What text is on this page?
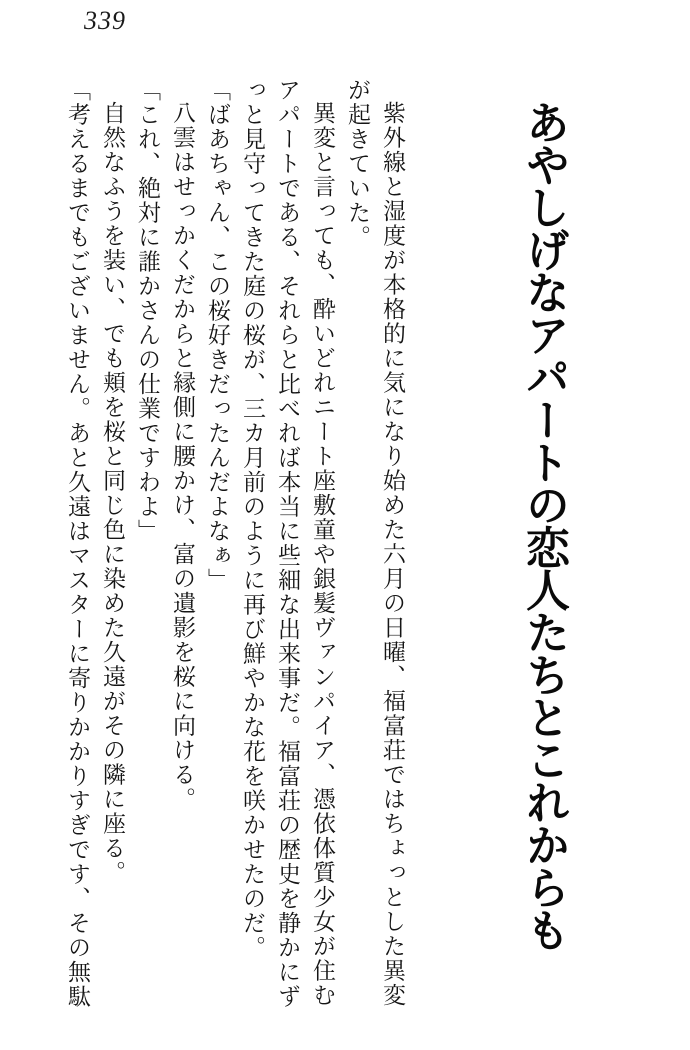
339
あやしげなアパートの恋人たちとこれからも

紫外線と湿度が本格的に気になり始めた六月の日曜、福富荘ではちょっとした異変が起きていた。

異変と言っても、酔いどれニート座敷童や銀髪ヴァンパイア、憑依体質少女が住むアパートである、それらと比べれば本当に些細な出来事だ。福富荘の歴史を静かにずっと見守ってきた庭の桜が、三カ月前のように再び鮮やかな花を咲かせたのだ。

「ばあちゃん、この桜好きだったんだよなぁ」

八雲はせっかくだからと縁側に腰かけ、富の遺影を桜に向ける。

「これ、絶対に誰かさんの仕業ですわよ」

自然なふうを装い、でも頬を桜と同じ色に染めた久遠がその隣に座る。

「考えるまでもございません。あと久遠はマスターに寄りかかりすぎです、その無駄
